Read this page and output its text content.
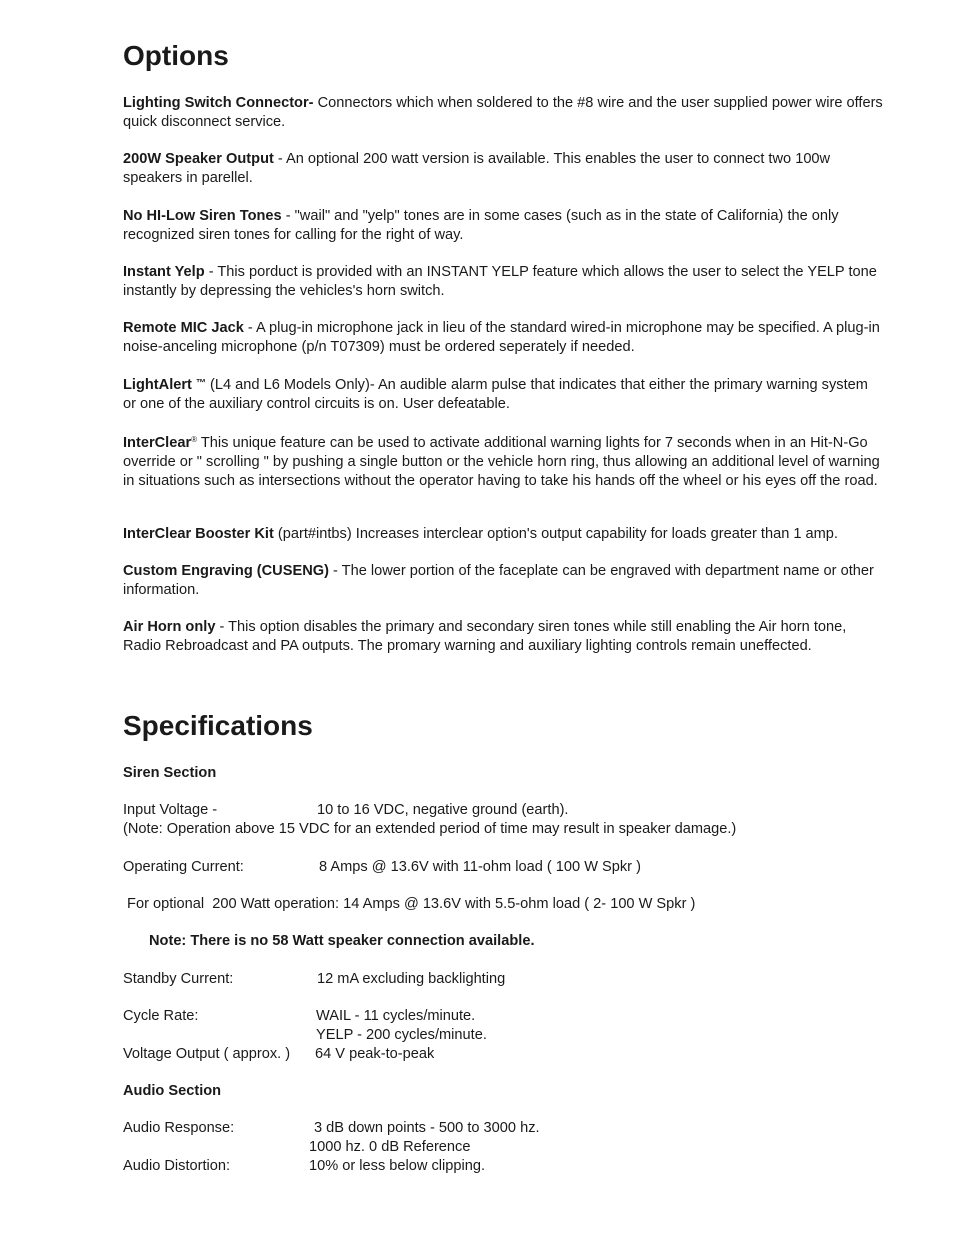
Options

Lighting Switch Connector- Connectors which when soldered to the #8 wire and the user supplied power wire offers quick disconnect service.

200W Speaker Output - An optional 200 watt version is available. This enables the user to connect two 100w speakers in parellel.

No HI-Low Siren Tones - "wail" and "yelp" tones are in some cases (such as in the state of California) the only recognized siren tones for calling for the right of way.

Instant Yelp - This porduct is provided with an INSTANT YELP feature which allows the user to select the YELP tone instantly by depressing the vehicles's horn switch.

Remote MIC Jack - A plug-in microphone jack in lieu of the standard wired-in microphone may be specified. A plug-in noise-anceling microphone (p/n T07309) must be ordered seperately if needed.

LightAlert ™ (L4 and L6 Models Only)- An audible alarm pulse that indicates that either the primary warning system or one of the auxiliary control circuits is on. User defeatable.

InterClear® This unique feature can be used to activate additional warning lights for 7 seconds when in an Hit-N-Go override or " scrolling " by pushing a single button or the vehicle horn ring, thus allowing an additional level of warning in situations such as intersections without the operator having to take his hands off the wheel or his eyes off the road.

InterClear Booster Kit (part#intbs) Increases interclear option's output capability for loads greater than 1 amp.

Custom Engraving (CUSENG) - The lower portion of the faceplate can be engraved with department name or other information.

Air Horn only - This option disables the primary and secondary siren tones while still enabling the Air horn tone, Radio Rebroadcast and PA outputs. The promary warning and auxiliary lighting controls remain uneffected.

Specifications
Siren Section
Input Voltage -	10 to 16 VDC, negative ground (earth).
(Note: Operation above 15 VDC for an extended period of time may result in speaker damage.)
Operating Current:	8 Amps @ 13.6V with 11-ohm load ( 100 W Spkr )
For optional  200 Watt operation: 14 Amps @ 13.6V with 5.5-ohm load ( 2- 100 W Spkr )
Note: There is no 58 Watt speaker connection available.
Standby Current:	12 mA excluding backlighting
Cycle Rate:	WAIL - 11 cycles/minute.
YELP - 200 cycles/minute.
Voltage Output ( approx. ) 64 V peak-to-peak
Audio Section
Audio Response:	3 dB down points - 500 to 3000 hz.
1000 hz. 0 dB Reference
Audio Distortion:	10% or less below clipping.
